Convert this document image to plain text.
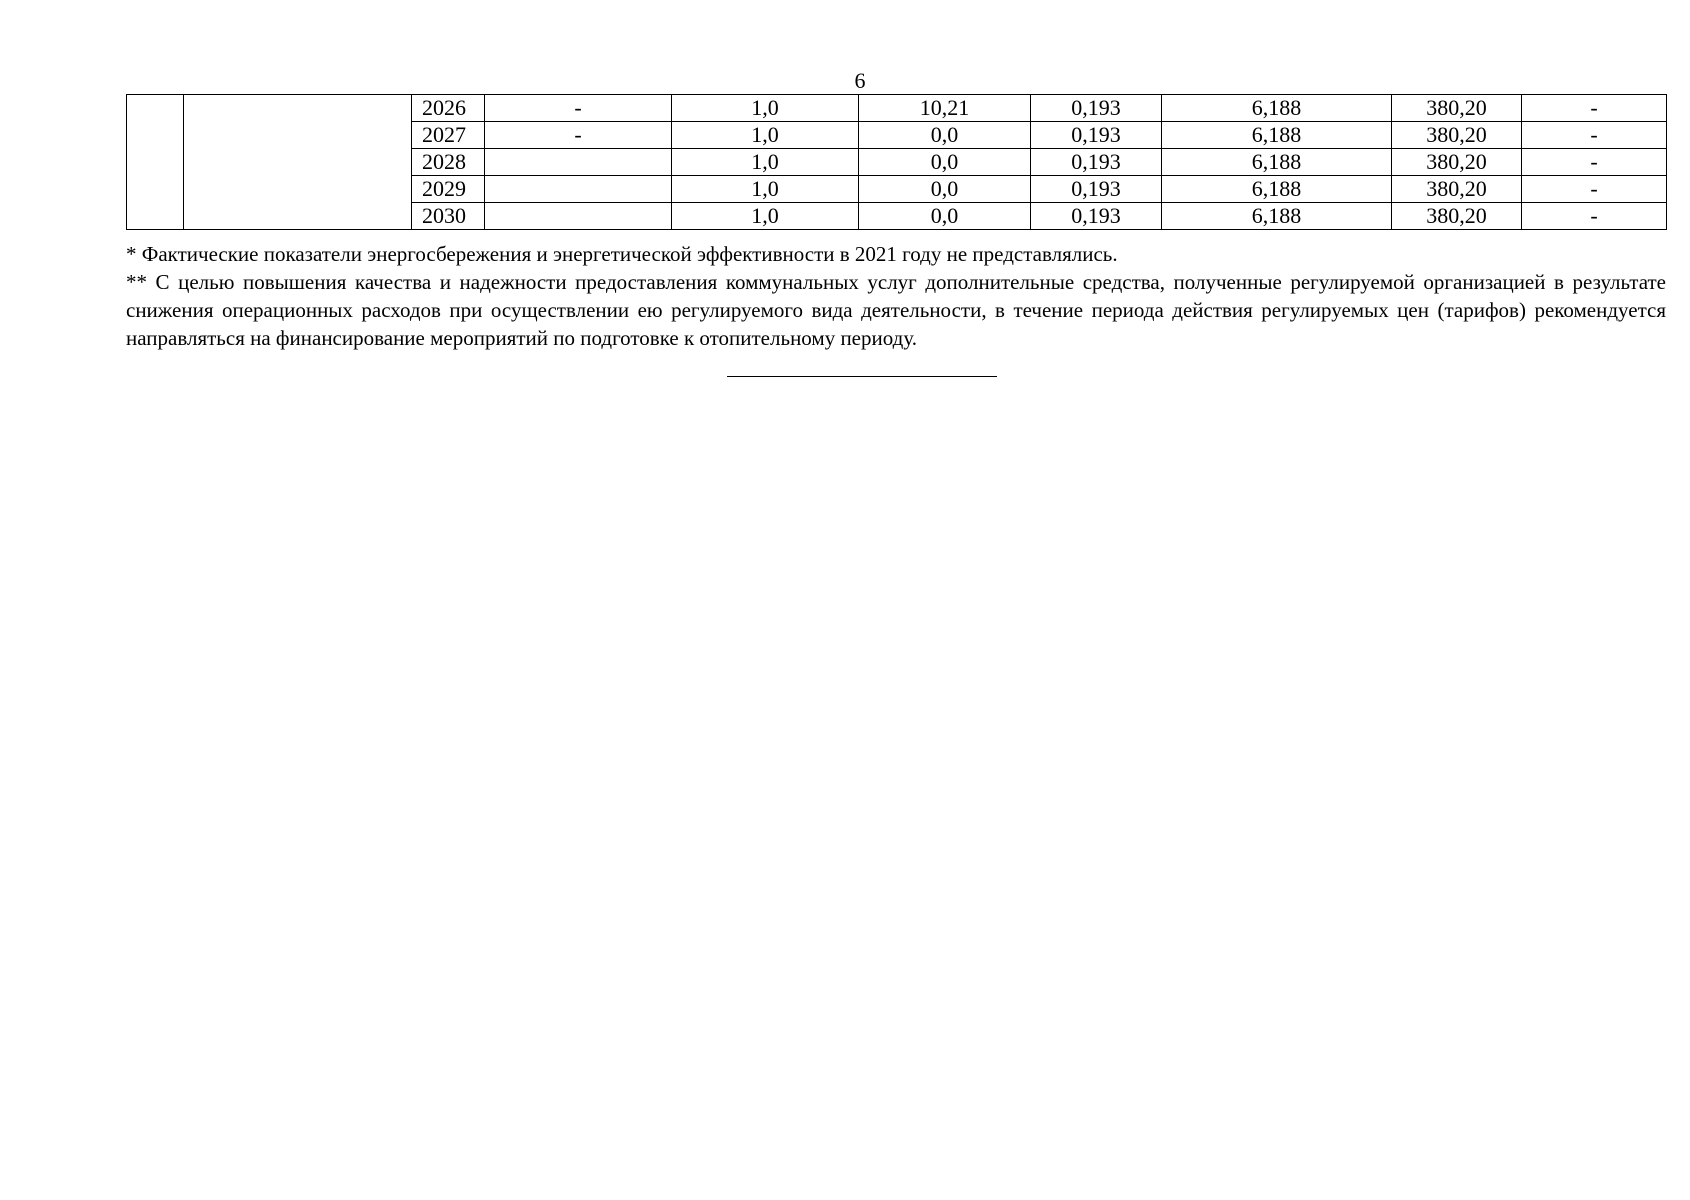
6
		2026	-	1,0	10,21	0,193	6,188	380,20	-
		2027	-	1,0	0,0	0,193	6,188	380,20	-
		2028		1,0	0,0	0,193	6,188	380,20	-
		2029		1,0	0,0	0,193	6,188	380,20	-
		2030		1,0	0,0	0,193	6,188	380,20	-

* Фактические показатели энергосбережения и энергетической эффективности в 2021 году не представлялись.

** С целью повышения качества и надежности предоставления коммунальных услуг дополнительные средства, полученные регулируемой организацией в результате снижения операционных расходов при осуществлении ею регулируемого вида деятельности, в течение периода действия регулируемых цен (тарифов) рекомендуется направляться на финансирование мероприятий по подготовке к отопительному периоду.
